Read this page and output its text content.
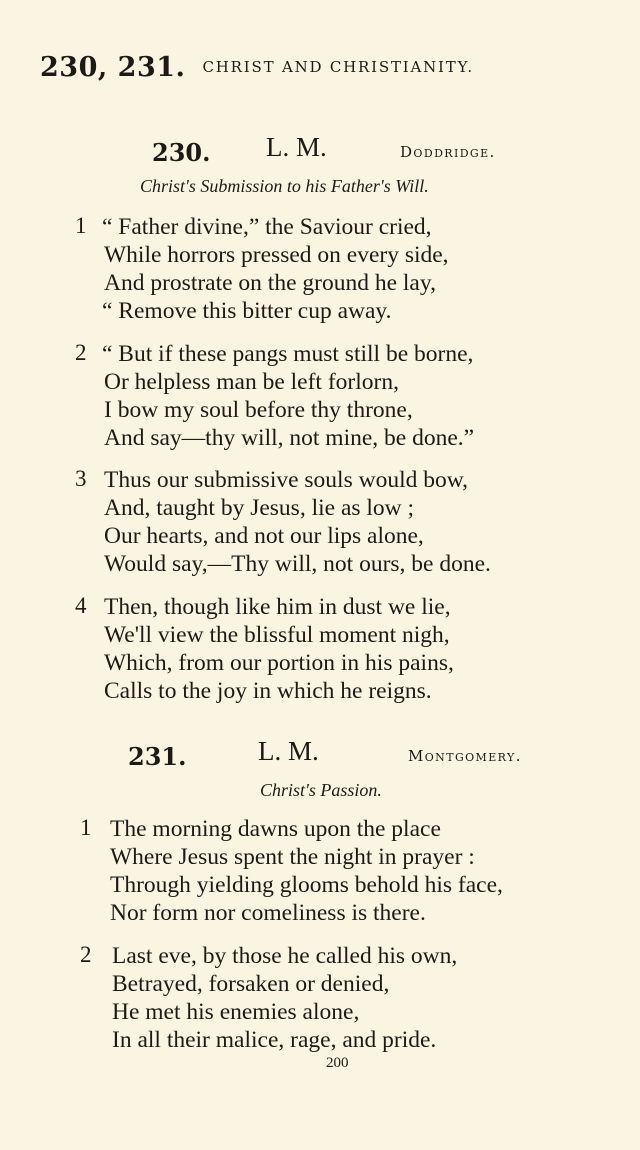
230, 231. CHRIST AND CHRISTIANITY.
230. L. M.	Doddridge.
Christ's Submission to his Father's Will.
1 “ Father divine,” the Saviour cried,
While horrors pressed on every side,
And prostrate on the ground he lay,
“ Remove this bitter cup away.
2 “ But if these pangs must still be borne,
Or helpless man be left forlorn,
I bow my soul before thy throne,
And say—thy will, not mine, be done.”
3 Thus our submissive souls would bow,
And, taught by Jesus, lie as low ;
Our hearts, and not our lips alone,
Would say,—Thy will, not ours, be done.
4 Then, though like him in dust we lie,
We'll view the blissful moment nigh,
Which, from our portion in his pains,
Calls to the joy in which he reigns.
231.	L. M.	Montgomery.
Christ's Passion.
1 The morning dawns upon the place
Where Jesus spent the night in prayer :
Through yielding glooms behold his face,
Nor form nor comeliness is there.
2 Last eve, by those he called his own,
Betrayed, forsaken or denied,
He met his enemies alone,
In all their malice, rage, and pride.
200
